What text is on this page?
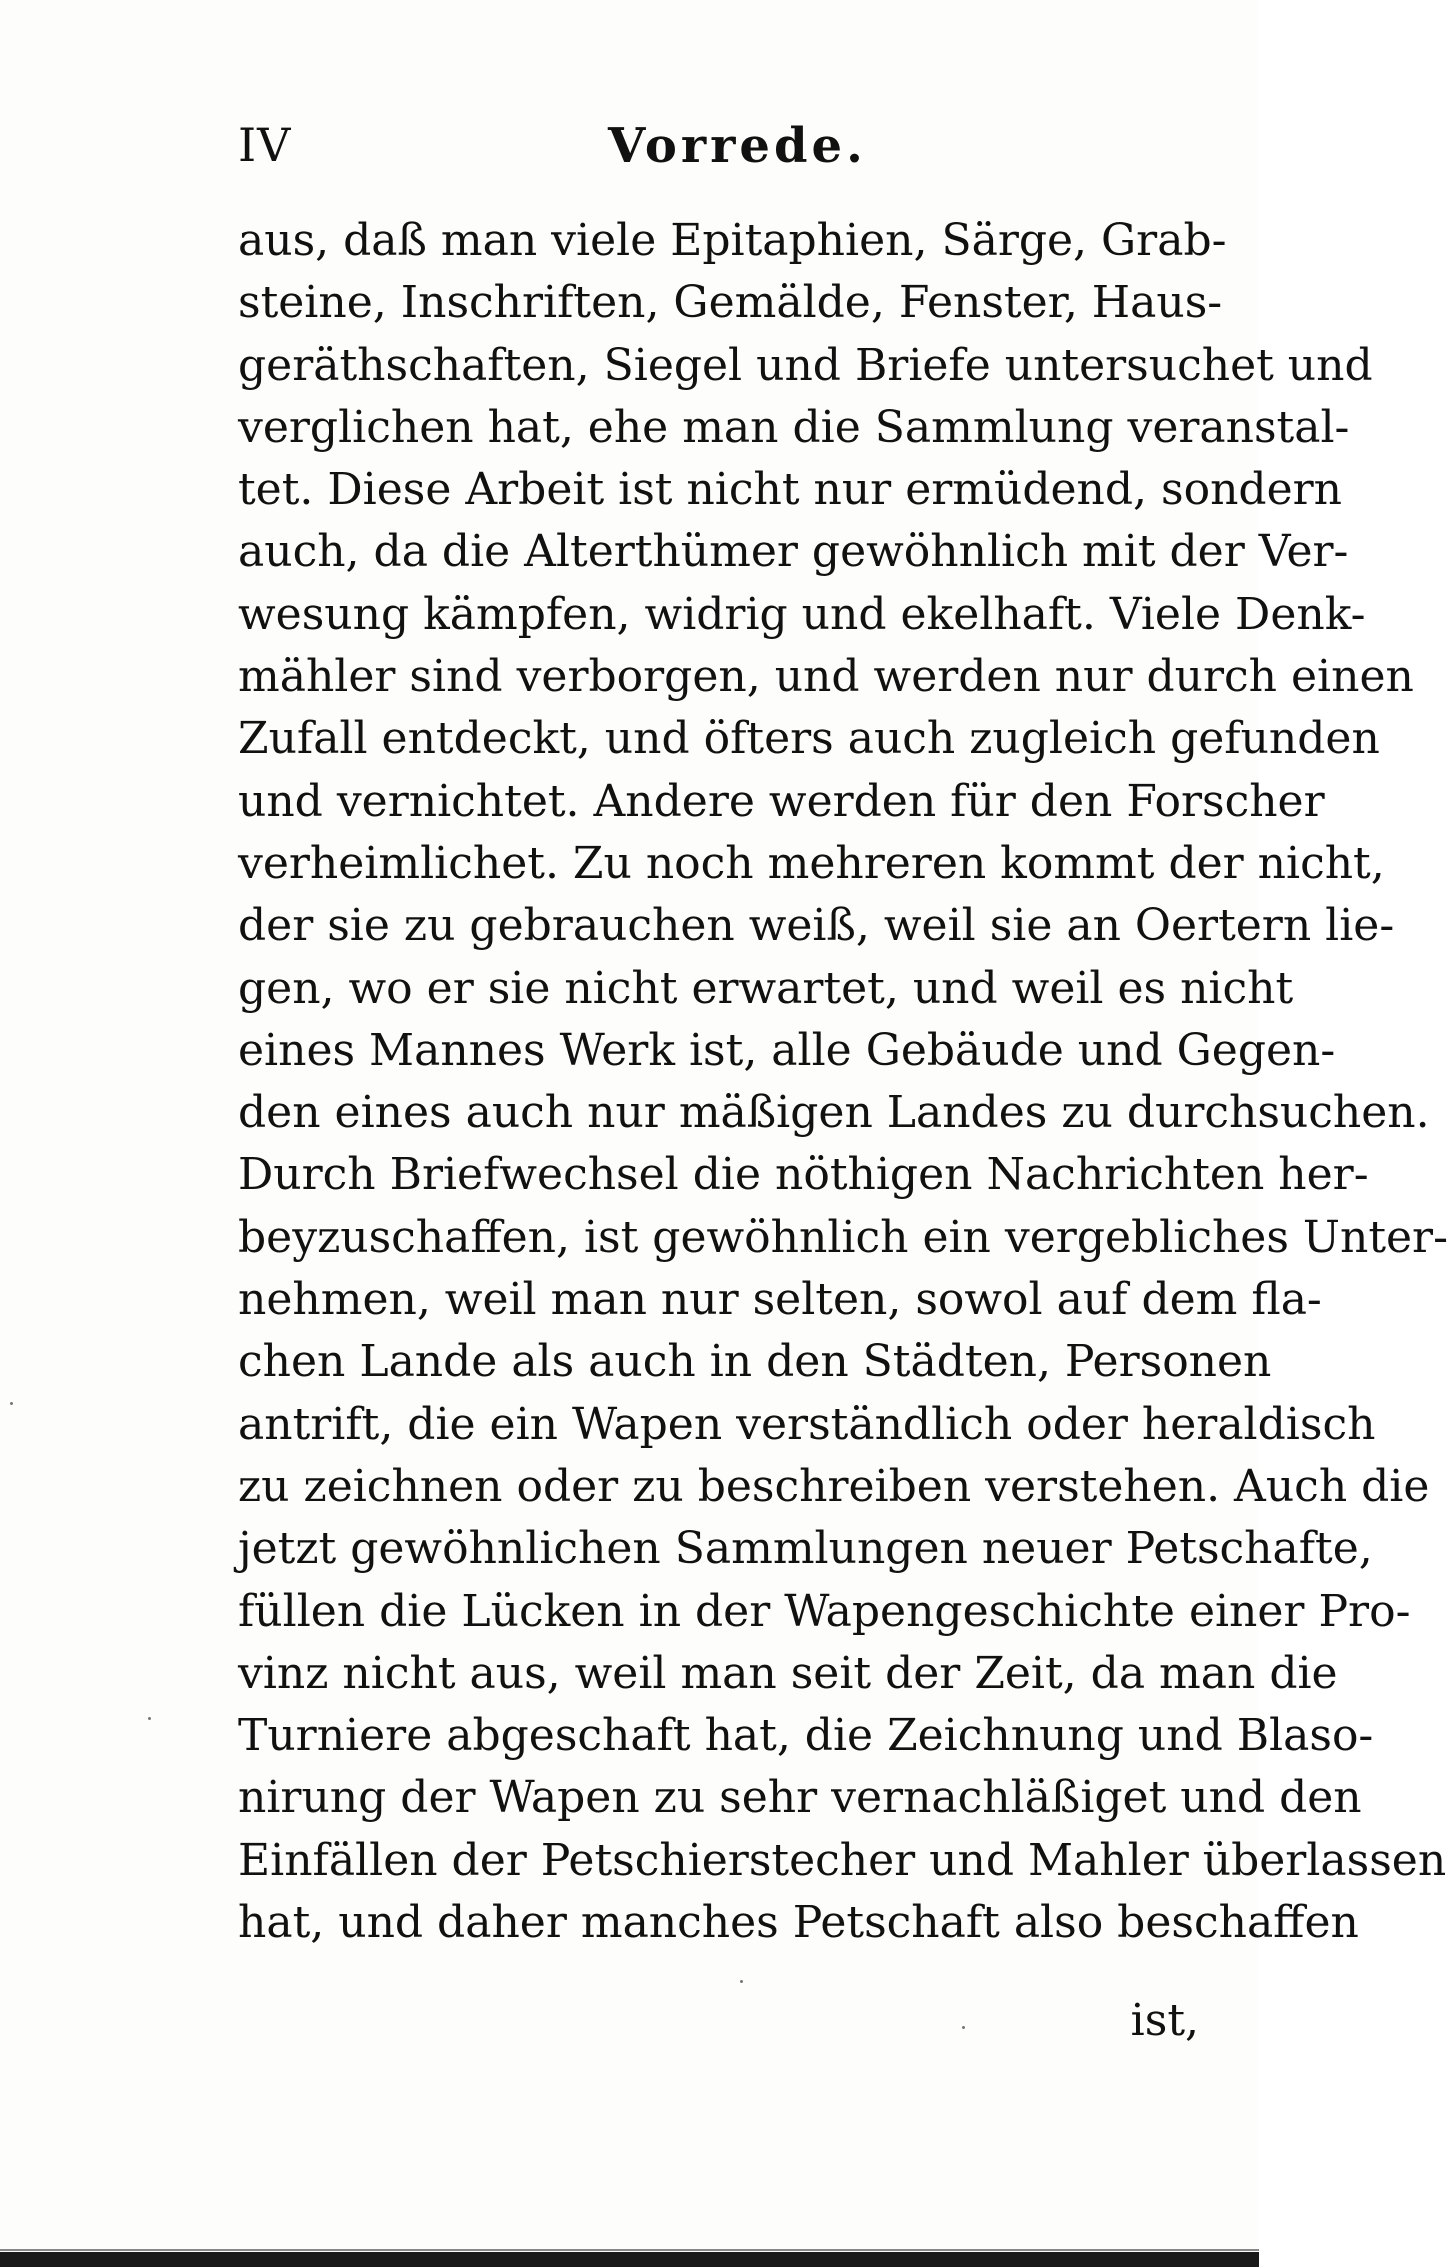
IV	Vorrede.
aus, daß man viele Epitaphien, Särge, Grab-
steine, Inschriften, Gemälde, Fenster, Haus-
geräthschaften, Siegel und Briefe untersuchet und
verglichen hat, ehe man die Sammlung veranstal-
tet. Diese Arbeit ist nicht nur ermüdend, sondern
auch, da die Alterthümer gewöhnlich mit der Ver-
wesung kämpfen, widrig und ekelhaft. Viele Denk-
mähler sind verborgen, und werden nur durch einen
Zufall entdeckt, und öfters auch zugleich gefunden
und vernichtet. Andere werden für den Forscher
verheimlichet. Zu noch mehreren kommt der nicht,
der sie zu gebrauchen weiß, weil sie an Oertern lie-
gen, wo er sie nicht erwartet, und weil es nicht
eines Mannes Werk ist, alle Gebäude und Gegen-
den eines auch nur mäßigen Landes zu durchsuchen.
Durch Briefwechsel die nöthigen Nachrichten her-
beyzuschaffen, ist gewöhnlich ein vergebliches Unter-
nehmen, weil man nur selten, sowol auf dem fla-
chen Lande als auch in den Städten, Personen
antrift, die ein Wapen verständlich oder heraldisch
zu zeichnen oder zu beschreiben verstehen. Auch die
jetzt gewöhnlichen Sammlungen neuer Petschafte,
füllen die Lücken in der Wapengeschichte einer Pro-
vinz nicht aus, weil man seit der Zeit, da man die
Turniere abgeschaft hat, die Zeichnung und Blaso-
nirung der Wapen zu sehr vernachläßiget und den
Einfällen der Petschierstecher und Mahler überlassen
hat, und daher manches Petschaft also beschaffen
ist,
